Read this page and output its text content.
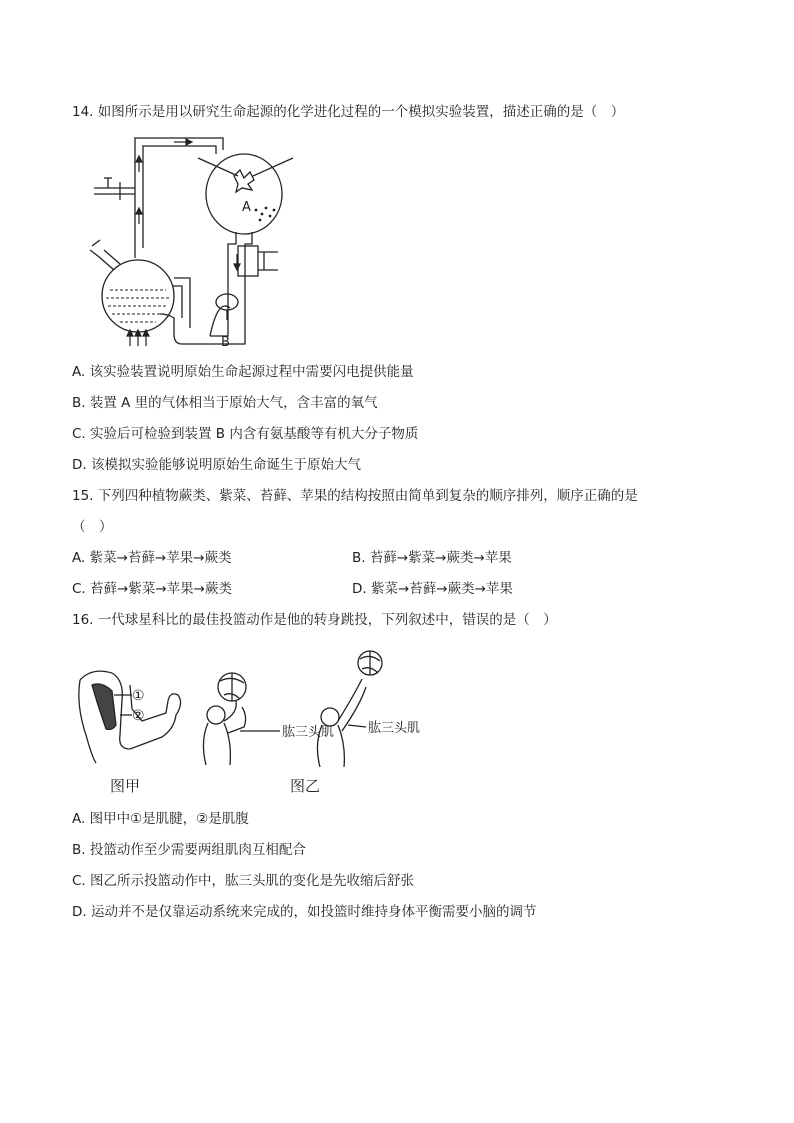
14. 如图所示是用以研究生命起源的化学进化过程的一个模拟实验装置，描述正确的是（　）
A
B
A. 该实验装置说明原始生命起源过程中需要闪电提供能量
B. 装置 A 里的气体相当于原始大气，含丰富的氧气
C. 实验后可检验到装置 B 内含有氨基酸等有机大分子物质
D. 该模拟实验能够说明原始生命诞生于原始大气
15. 下列四种植物蕨类、紫菜、苔藓、苹果的结构按照由简单到复杂的顺序排列，顺序正确的是
（　）
A. 紫菜→苔藓→苹果→蕨类	B. 苔藓→紫菜→蕨类→苹果
C. 苔藓→紫菜→苹果→蕨类	D. 紫菜→苔藓→蕨类→苹果
16. 一代球星科比的最佳投篮动作是他的转身跳投，下列叙述中，错误的是（　）
①
②
肱三头肌	肱三头肌
图甲	图乙
A. 图甲中①是肌腱，②是肌腹
B. 投篮动作至少需要两组肌肉互相配合
C. 图乙所示投篮动作中，肱三头肌的变化是先收缩后舒张
D. 运动并不是仅靠运动系统来完成的，如投篮时维持身体平衡需要小脑的调节
